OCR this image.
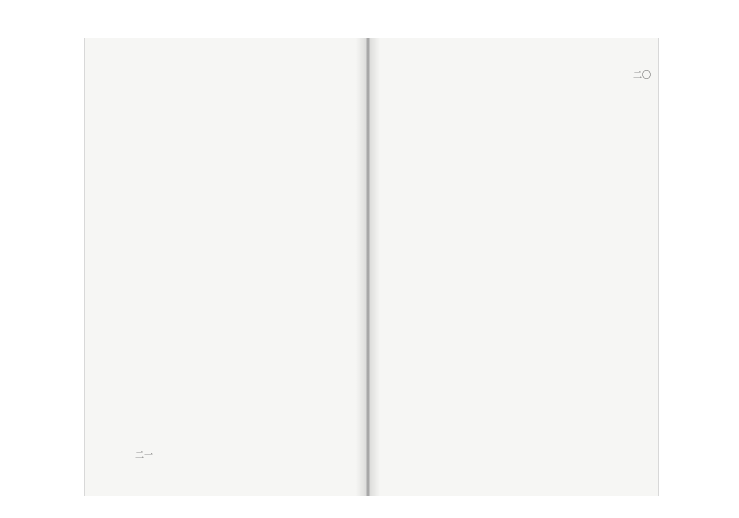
二一
二〇
